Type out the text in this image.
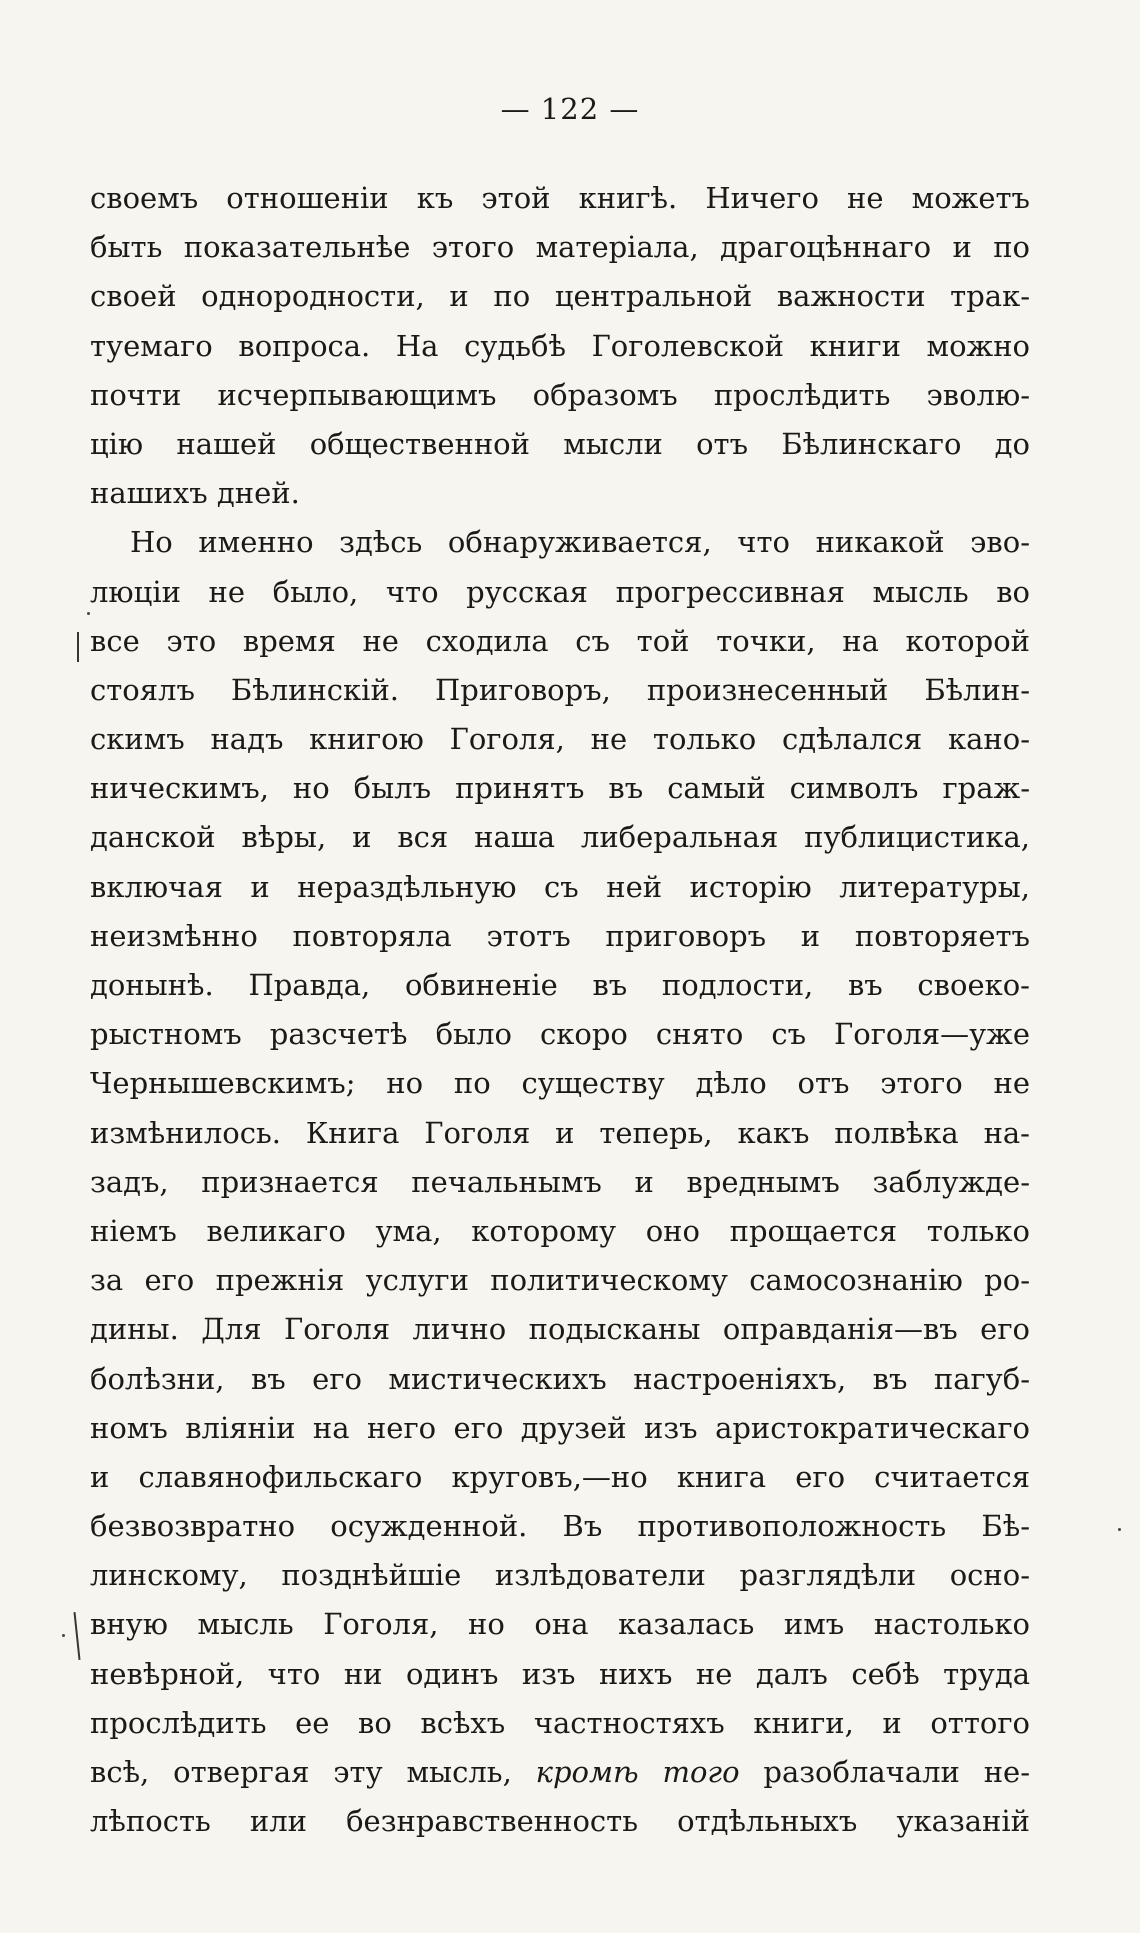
— 122 —
своемъ отношеніи къ этой книгѣ. Ничего не можетъ
быть показательнѣе этого матеріала, драгоцѣннаго и по
своей однородности, и по центральной важности трак-
туемаго вопроса. На судьбѣ Гоголевской книги можно
почти исчерпывающимъ образомъ прослѣдить эволю-
цію нашей общественной мысли отъ Бѣлинскаго до
нашихъ дней.
Но именно здѣсь обнаруживается, что никакой эво-
люціи не было, что русская прогрессивная мысль во
все это время не сходила съ той точки, на которой
стоялъ Бѣлинскій. Приговоръ, произнесенный Бѣлин-
скимъ надъ книгою Гоголя, не только сдѣлался кано-
ническимъ, но былъ принятъ въ самый символъ граж-
данской вѣры, и вся наша либеральная публицистика,
включая и нераздѣльную съ ней исторію литературы,
неизмѣнно повторяла этотъ приговоръ и повторяетъ
донынѣ. Правда, обвиненіе въ подлости, въ своеко-
рыстномъ разсчетѣ было скоро снято съ Гоголя—уже
Чернышевскимъ; но по существу дѣло отъ этого не
измѣнилось. Книга Гоголя и теперь, какъ полвѣка на-
задъ, признается печальнымъ и вреднымъ заблужде-
ніемъ великаго ума, которому оно прощается только
за его прежнія услуги политическому самосознанію ро-
дины. Для Гоголя лично подысканы оправданія—въ его
болѣзни, въ его мистическихъ настроеніяхъ, въ пагуб-
номъ вліяніи на него его друзей изъ аристократическаго
и славянофильскаго круговъ,—но книга его считается
безвозвратно осужденной. Въ противоположность Бѣ-
линскому, позднѣйшіе излѣдователи разглядѣли осно-
вную мысль Гоголя, но она казалась имъ настолько
невѣрной, что ни одинъ изъ нихъ не далъ себѣ труда
прослѣдить ее во всѣхъ частностяхъ книги, и оттого
всѣ, отвергая эту мысль, кромѣ того разоблачали не-
лѣпость или безнравственность отдѣльныхъ указаній
